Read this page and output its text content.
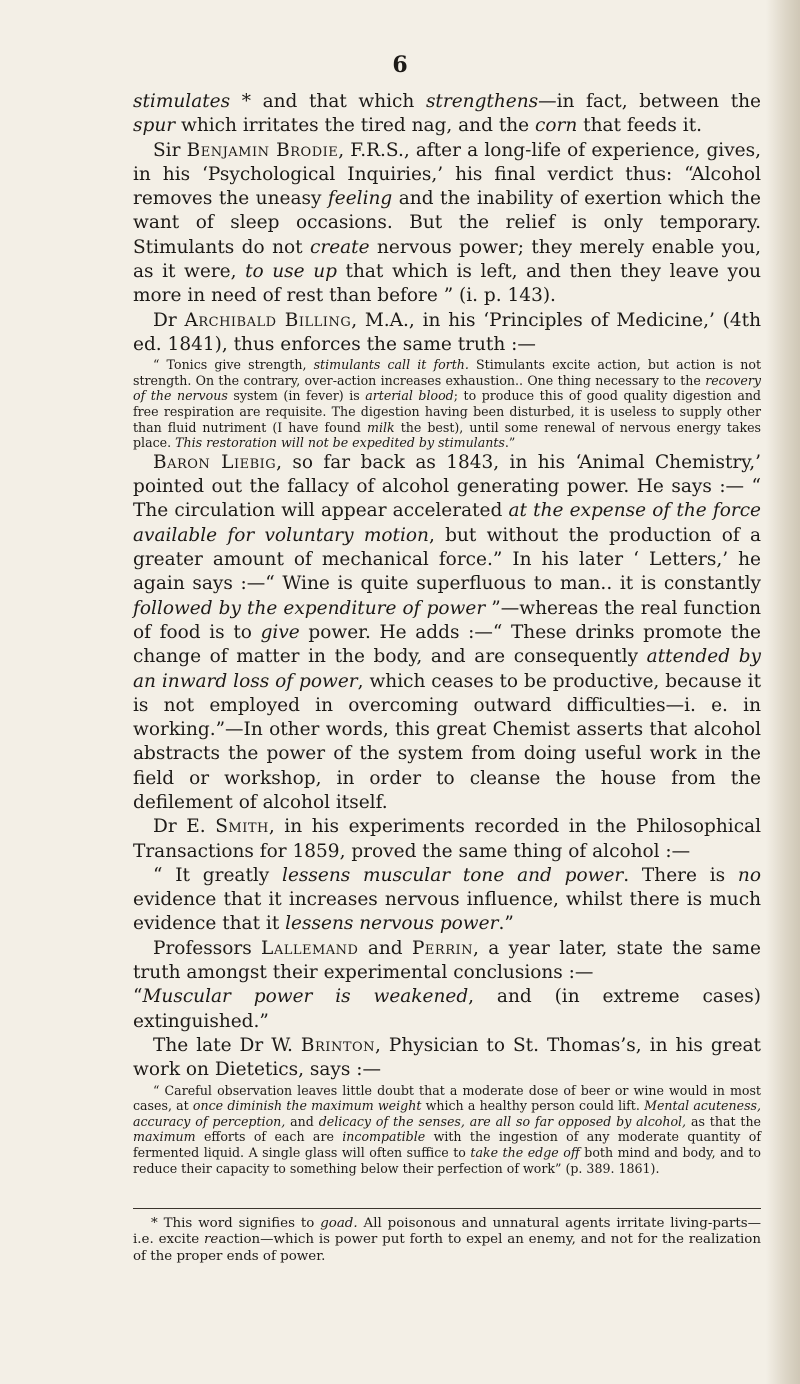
6

stimulates * and that which strengthens—in fact, between the spur which irritates the tired nag, and the corn that feeds it.

Sir Benjamin Brodie, F.R.S., after a long-life of experience, gives, in his ‘Psychological Inquiries,’ his final verdict thus: “Alcohol removes the uneasy feeling and the inability of exertion which the want of sleep occasions. But the relief is only temporary. Stimulants do not create nervous power; they merely enable you, as it were, to use up that which is left, and then they leave you more in need of rest than before ” (i. p. 143).

Dr Archibald Billing, M.A., in his ‘Principles of Medicine,’ (4th ed. 1841), thus enforces the same truth :—

“ Tonics give strength, stimulants call it forth. Stimulants excite action, but action is not strength. On the contrary, over-action increases exhaustion.. One thing necessary to the recovery of the nervous system (in fever) is arterial blood; to produce this of good quality digestion and free respiration are requisite. The digestion having been disturbed, it is useless to supply other than fluid nutriment (I have found milk the best), until some renewal of nervous energy takes place. This restoration will not be expedited by stimulants.”

Baron Liebig, so far back as 1843, in his ‘Animal Chemistry,’ pointed out the fallacy of alcohol generating power. He says :— “ The circulation will appear accelerated at the expense of the force available for voluntary motion, but without the production of a greater amount of mechanical force.” In his later ‘ Letters,’ he again says :—“ Wine is quite superfluous to man.. it is constantly followed by the expenditure of power ”—whereas the real function of food is to give power. He adds :—“ These drinks promote the change of matter in the body, and are consequently attended by an inward loss of power, which ceases to be productive, because it is not employed in overcoming outward difficulties—i. e. in working.”—In other words, this great Chemist asserts that alcohol abstracts the power of the system from doing useful work in the field or workshop, in order to cleanse the house from the defilement of alcohol itself.

Dr E. Smith, in his experiments recorded in the Philosophical Transactions for 1859, proved the same thing of alcohol :—

“ It greatly lessens muscular tone and power. There is no evidence that it increases nervous influence, whilst there is much evidence that it lessens nervous power.”

Professors Lallemand and Perrin, a year later, state the same truth amongst their experimental conclusions :—

“Muscular power is weakened, and (in extreme cases) extinguished.”

The late Dr W. Brinton, Physician to St. Thomas’s, in his great work on Dietetics, says :—

“ Careful observation leaves little doubt that a moderate dose of beer or wine would in most cases, at once diminish the maximum weight which a healthy person could lift. Mental acuteness, accuracy of perception, and delicacy of the senses, are all so far opposed by alcohol, as that the maximum efforts of each are incompatible with the ingestion of any moderate quantity of fermented liquid. A single glass will often suffice to take the edge off both mind and body, and to reduce their capacity to something below their perfection of work” (p. 389. 1861).

* This word signifies to goad. All poisonous and unnatural agents irritate living-parts—i.e. excite reaction—which is power put forth to expel an enemy, and not for the realization of the proper ends of power.
